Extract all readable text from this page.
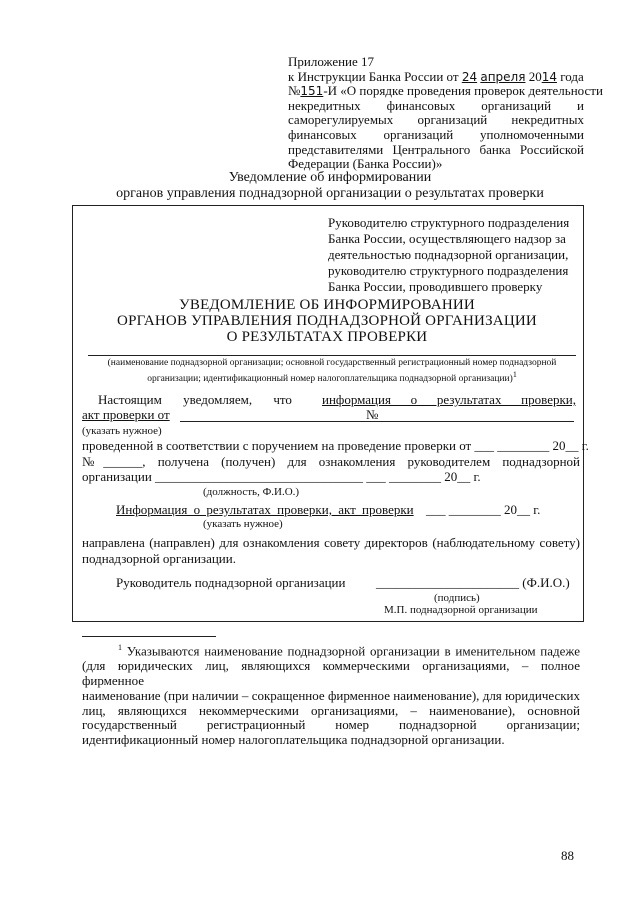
Приложение 17
к Инструкции Банка России от 24 апреля 2014 года
№151-И «О порядке проведения проверок деятельности
некредитных финансовых организаций и
саморегулируемых организаций некредитных
финансовых организаций уполномоченными
представителями Центрального банка Российской
Федерации (Банка России)»
Уведомление об информировании
органов управления поднадзорной организации о результатах проверки
Руководителю структурного подразделения
Банка России, осуществляющего надзор за
деятельностью поднадзорной организации,
руководителю структурного подразделения
Банка России, проводившего проверку
УВЕДОМЛЕНИЕ ОБ ИНФОРМИРОВАНИИ
ОРГАНОВ УПРАВЛЕНИЯ ПОДНАДЗОРНОЙ ОРГАНИЗАЦИИ
О РЕЗУЛЬТАТАХ ПРОВЕРКИ
(наименование поднадзорной организации; основной государственный регистрационный номер поднадзорной
организации; идентификационный номер налогоплательщика поднадзорной организации)$^1$
Настоящим уведомляем, что	информация о результатах проверки,
акт проверки от	№
(указать нужное)
проведенной в соответствии с поручением на проведение проверки от ___ ________ 20__ г.
№______, получена (получен) для ознакомления руководителем поднадзорной
организации ________________________________ ___ ________ 20__ г.
(должность, Ф.И.О.)
Информация о результатах проверки, акт проверки ___ ________ 20__ г.
(указать нужное)
направлена (направлен) для ознакомления совету директоров (наблюдательному совету)
поднадзорной организации.
Руководитель поднадзорной организации ______________________ (Ф.И.О.)
(подпись)
М.П. поднадзорной организации
$^1$ Указываются наименование поднадзорной организации в именительном падеже
(для юридических лиц, являющихся коммерческими организациями, – полное фирменное
наименование (при наличии – сокращенное фирменное наименование), для юридических
лиц, являющихся некоммерческими организациями, – наименование), основной
государственный регистрационный номер поднадзорной организации;
идентификационный номер налогоплательщика поднадзорной организации.
88
